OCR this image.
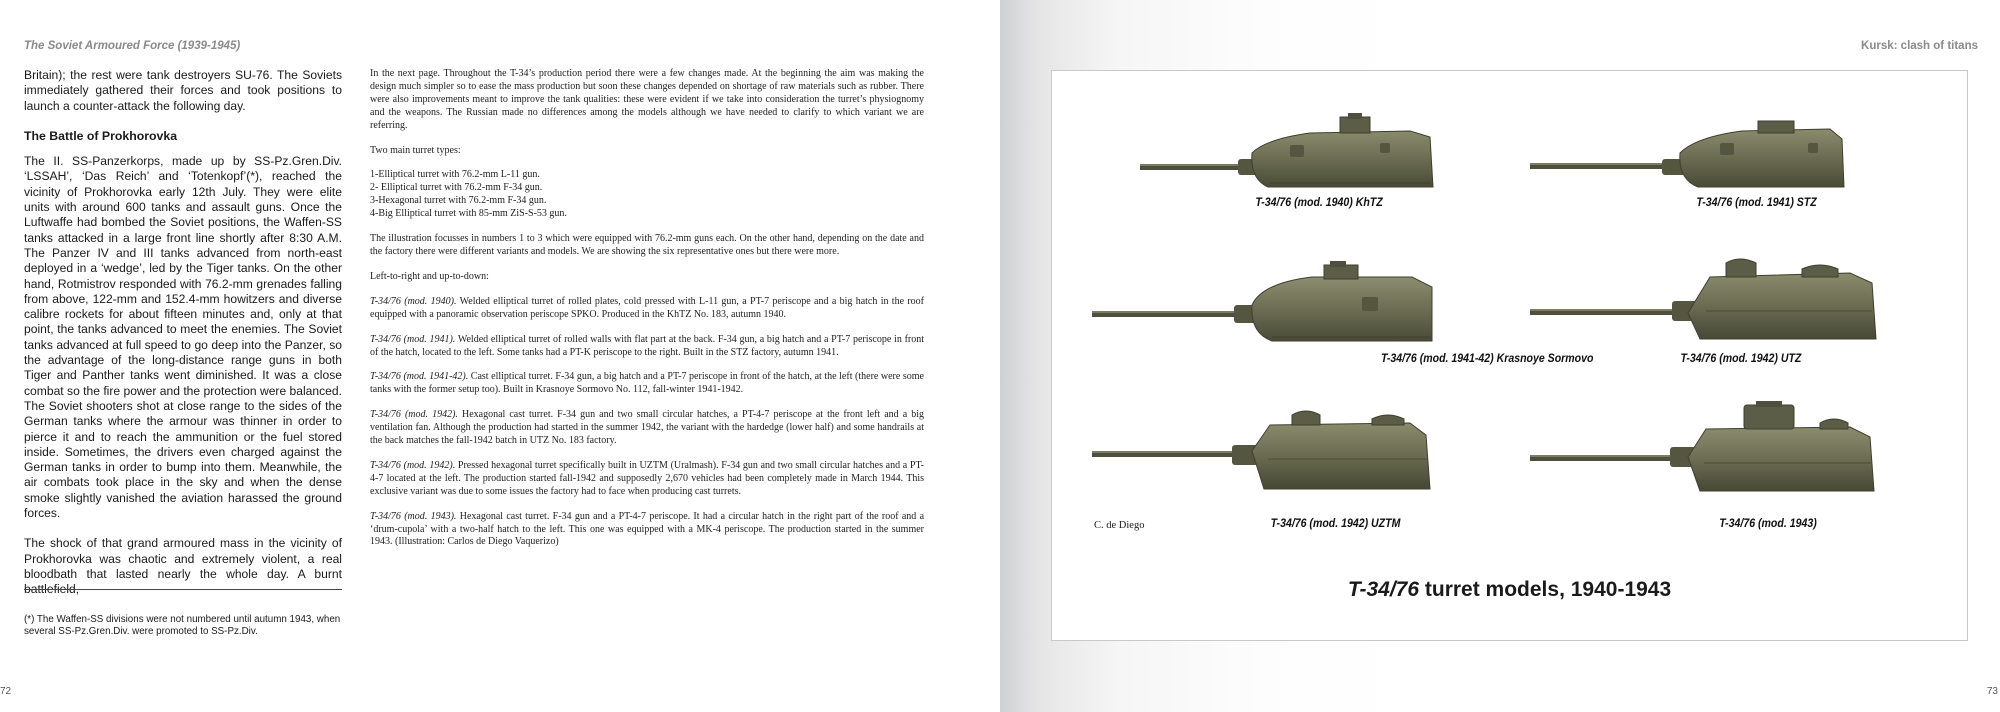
The Soviet Armoured Force (1939-1945)

Britain); the rest were tank destroyers SU-76. The Soviets immediately gathered their forces and took positions to launch a counter-attack the following day.

The Battle of Prokhorovka

The II. SS-Panzerkorps, made up by SS-Pz.Gren.Div. ‘LSSAH’, ‘Das Reich’ and ‘Totenkopf’(*), reached the vicinity of Prokhorovka early 12th July. They were elite units with around 600 tanks and assault guns. Once the Luftwaffe had bombed the Soviet positions, the Waffen-SS tanks attacked in a large front line shortly after 8:30 A.M. The Panzer IV and III tanks advanced from north-east deployed in a ‘wedge’, led by the Tiger tanks. On the other hand, Rotmistrov responded with 76.2-mm grenades falling from above, 122-mm and 152.4-mm howitzers and diverse calibre rockets for about fifteen minutes and, only at that point, the tanks advanced to meet the enemies. The Soviet tanks advanced at full speed to go deep into the Panzer, so the advantage of the long-distance range guns in both Tiger and Panther tanks went diminished. It was a close combat so the fire power and the protection were balanced. The Soviet shooters shot at close range to the sides of the German tanks where the armour was thinner in order to pierce it and to reach the ammunition or the fuel stored inside. Sometimes, the drivers even charged against the German tanks in order to bump into them. Meanwhile, the air combats took place in the sky and when the dense smoke slightly vanished the aviation harassed the ground forces.

The shock of that grand armoured mass in the vicinity of Prokhorovka was chaotic and extremely violent, a real bloodbath that lasted nearly the whole day. A burnt battlefield,

In the next page. Throughout the T-34’s production period there were a few changes made. At the beginning the aim was making the design much simpler so to ease the mass production but soon these changes depended on shortage of raw materials such as rubber. There were also improvements meant to improve the tank qualities: these were evident if we take into consideration the turret’s physiognomy and the weapons. The Russian made no differences among the models although we have needed to clarify to which variant we are referring.

Two main turret types:

1-Elliptical turret with 76.2-mm L-11 gun.

2- Elliptical turret with 76.2-mm F-34 gun.

3-Hexagonal turret with 76.2-mm F-34 gun.

4-Big Elliptical turret with 85-mm ZiS-S-53 gun.

The illustration focusses in numbers 1 to 3 which were equipped with 76.2-mm guns each. On the other hand, depending on the date and the factory there were different variants and models. We are showing the six representative ones but there were more.

Left-to-right and up-to-down:

T-34/76 (mod. 1940). Welded elliptical turret of rolled plates, cold pressed with L-11 gun, a PT-7 periscope and a big hatch in the roof equipped with a panoramic observation periscope SPKO. Produced in the KhTZ No. 183, autumn 1940.

T-34/76 (mod. 1941). Welded elliptical turret of rolled walls with flat part at the back. F-34 gun, a big hatch and a PT-7 periscope in front of the hatch, located to the left. Some tanks had a PT-K periscope to the right. Built in the STZ factory, autumn 1941.

T-34/76 (mod. 1941-42). Cast elliptical turret. F-34 gun, a big hatch and a PT-7 periscope in front of the hatch, at the left (there were some tanks with the former setup too). Built in Krasnoye Sormovo No. 112, fall-winter 1941-1942.

T-34/76 (mod. 1942). Hexagonal cast turret. F-34 gun and two small circular hatches, a PT-4-7 periscope at the front left and a big ventilation fan. Although the production had started in the summer 1942, the variant with the hardedge (lower half) and some handrails at the back matches the fall-1942 batch in UTZ No. 183 factory.

T-34/76 (mod. 1942). Pressed hexagonal turret specifically built in UZTM (Uralmash). F-34 gun and two small circular hatches and a PT-4-7 located at the left. The production started fall-1942 and supposedly 2,670 vehicles had been completely made in March 1944. This exclusive variant was due to some issues the factory had to face when producing cast turrets.

T-34/76 (mod. 1943). Hexagonal cast turret. F-34 gun and a PT-4-7 periscope. It had a circular hatch in the right part of the roof and a ‘drum-cupola’ with a two-half hatch to the left. This one was equipped with a MK-4 periscope. The production started in the summer 1943. (Illustration: Carlos de Diego Vaquerizo)

(*) The Waffen-SS divisions were not numbered until autumn 1943, when several SS-Pz.Gren.Div. were promoted to SS-Pz.Div.
72
Kursk: clash of titans
T-34/76 (mod. 1940) KhTZ	T-34/76 (mod. 1941) STZ
T-34/76 (mod. 1941-42) Krasnoye Sormovo	T-34/76 (mod. 1942) UTZ
T-34/76 (mod. 1942) UZTM	T-34/76 (mod. 1943)
C. de Diego
T-34/76 turret models, 1940-1943
73
